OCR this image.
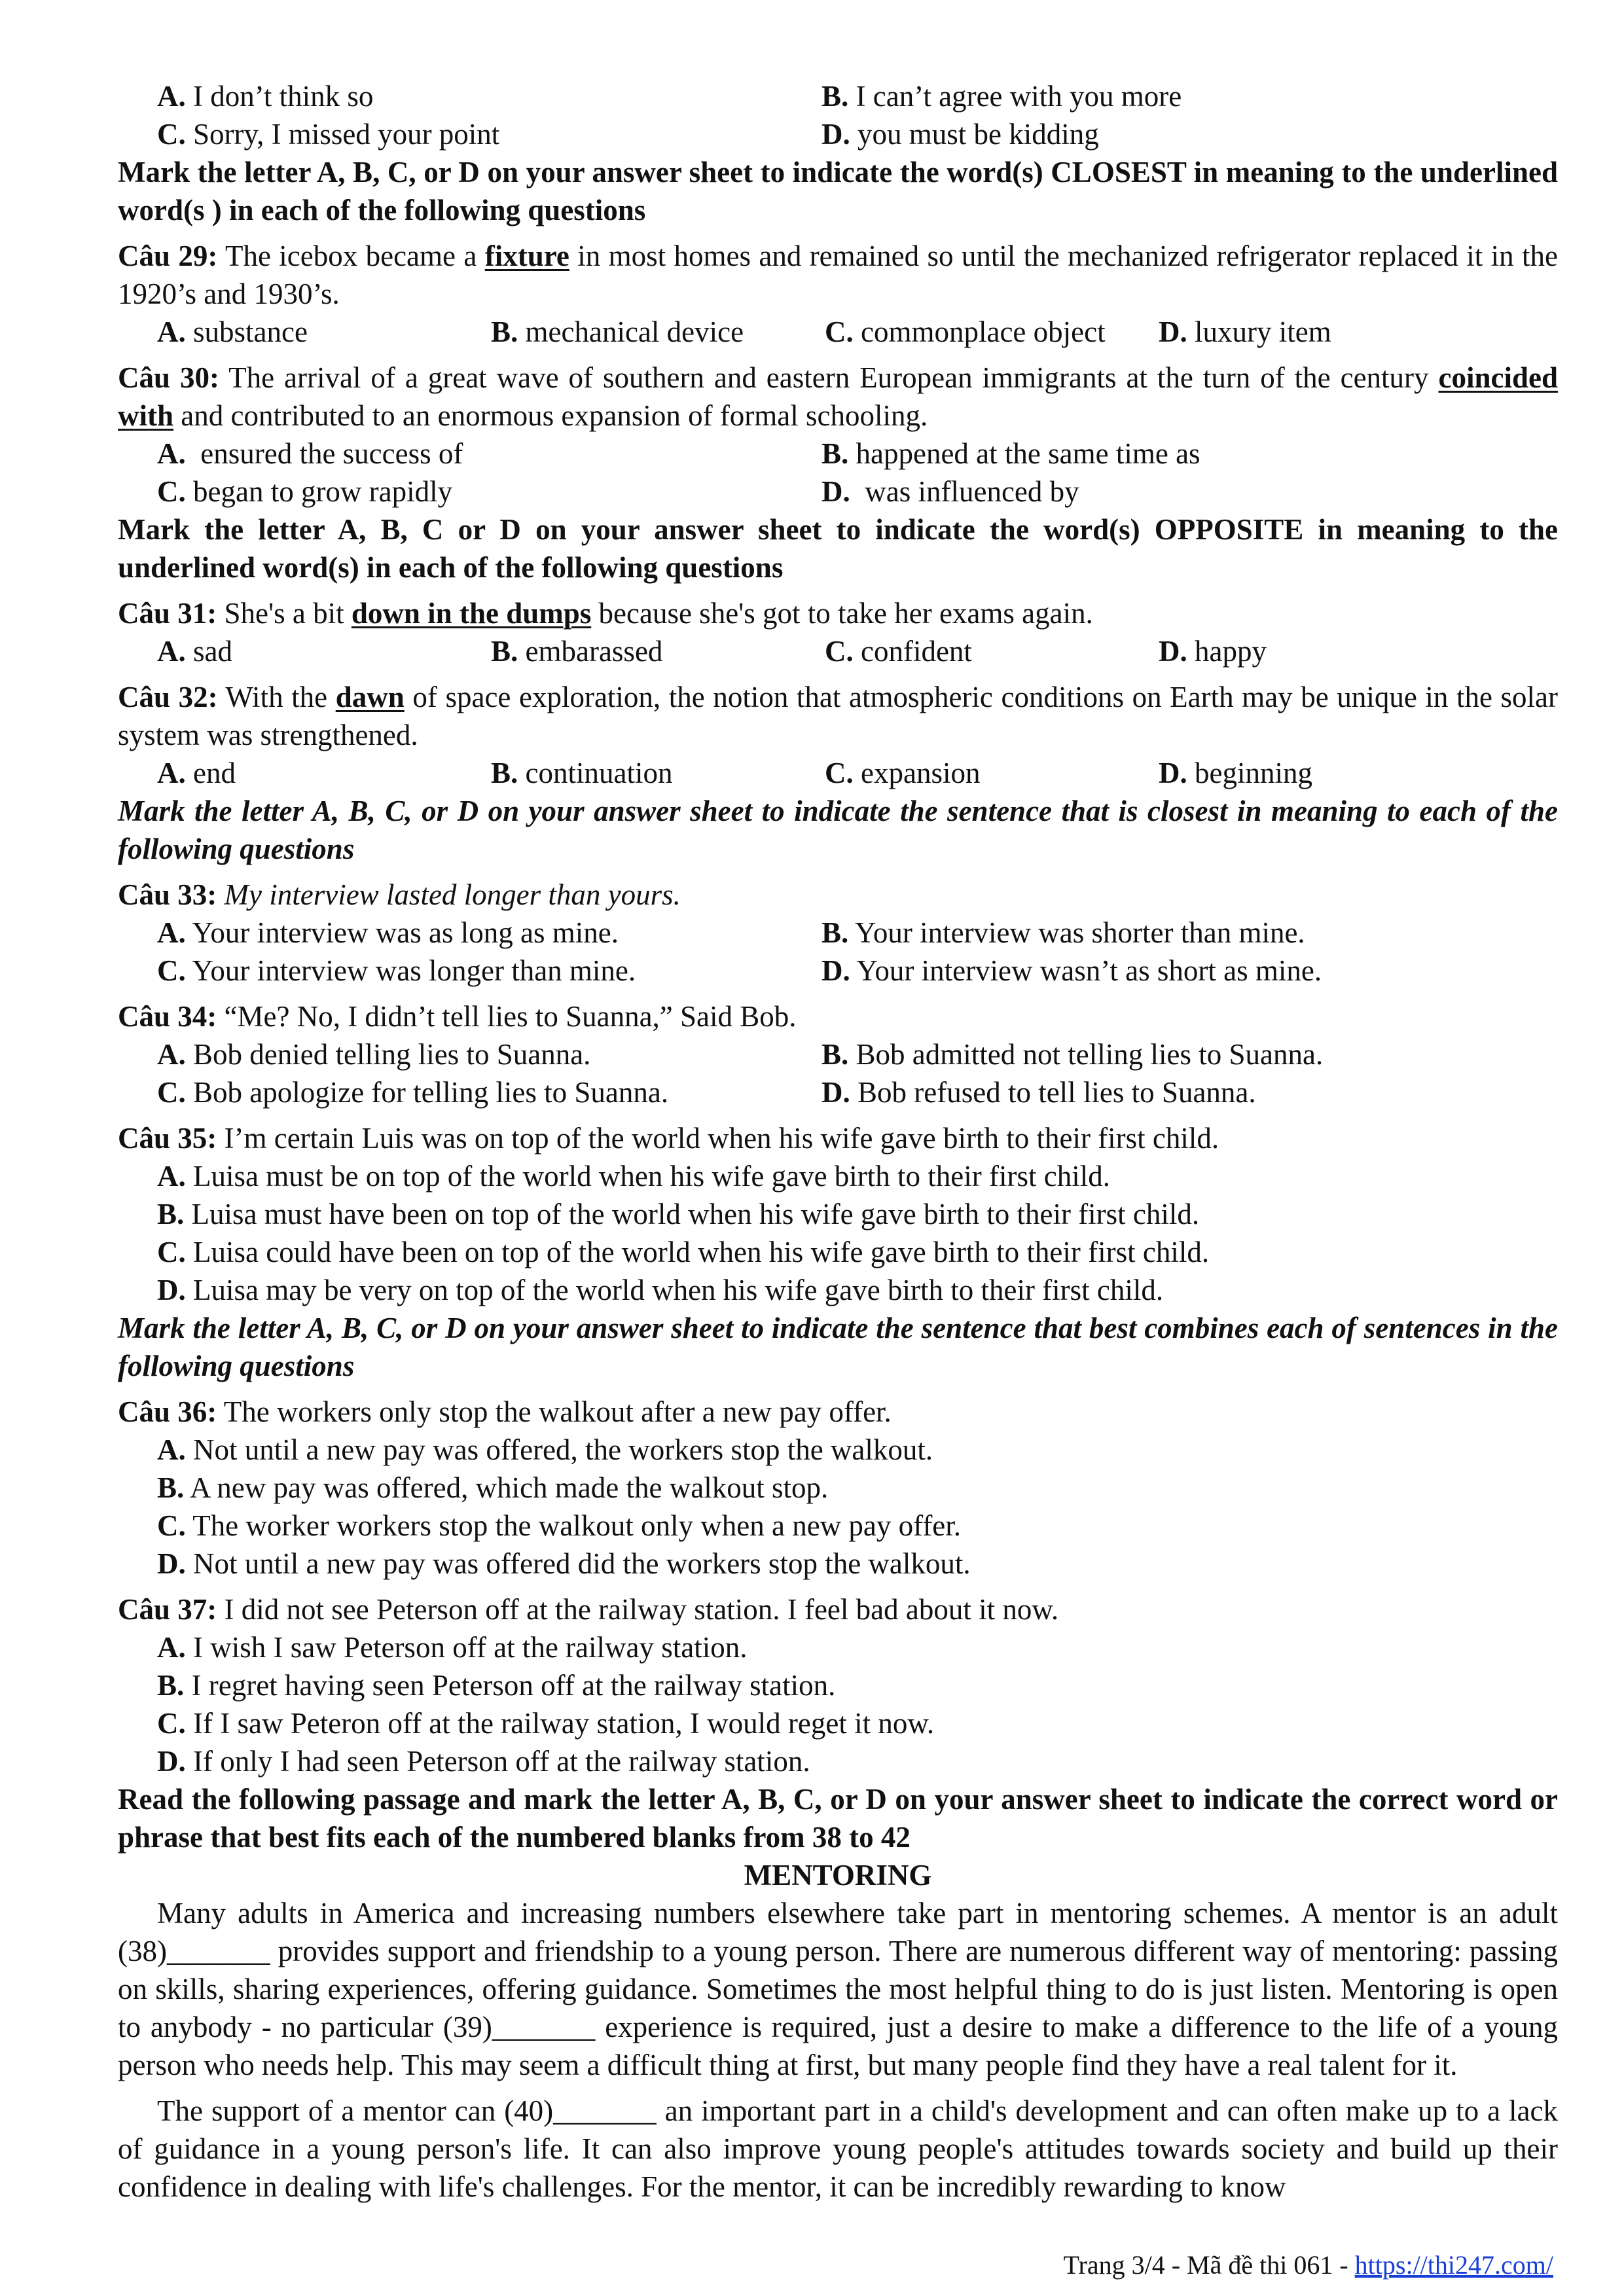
A. I don’t think so	B. I can’t agree with you more
C. Sorry, I missed your point	D. you must be kidding
Mark the letter A, B, C, or D on your answer sheet to indicate the word(s) CLOSEST in meaning to the underlined word(s ) in each of the following questions
Câu 29: The icebox became a fixture in most homes and remained so until the mechanized refrigerator replaced it in the 1920’s and 1930’s.
A. substance	B. mechanical device	C. commonplace object	D. luxury item
Câu 30: The arrival of a great wave of southern and eastern European immigrants at the turn of the century coincided with and contributed to an enormous expansion of formal schooling.
A. ensured the success of	B. happened at the same time as
C. began to grow rapidly	D. was influenced by
Mark the letter A, B, C or D on your answer sheet to indicate the word(s) OPPOSITE in meaning to the underlined word(s) in each of the following questions
Câu 31: She's a bit down in the dumps because she's got to take her exams again.
A. sad	B. embarassed	C. confident	D. happy
Câu 32: With the dawn of space exploration, the notion that atmospheric conditions on Earth may be unique in the solar system was strengthened.
A. end	B. continuation	C. expansion	D. beginning
Mark the letter A, B, C, or D on your answer sheet to indicate the sentence that is closest in meaning to each of the following questions
Câu 33: My interview lasted longer than yours.
A. Your interview was as long as mine.	B. Your interview was shorter than mine.
C. Your interview was longer than mine.	D. Your interview wasn’t as short as mine.
Câu 34: “Me? No, I didn’t tell lies to Suanna,” Said Bob.
A. Bob denied telling lies to Suanna.	B. Bob admitted not telling lies to Suanna.
C. Bob apologize for telling lies to Suanna.	D. Bob refused to tell lies to Suanna.
Câu 35: I’m certain Luis was on top of the world when his wife gave birth to their first child.
A. Luisa must be on top of the world when his wife gave birth to their first child.
B. Luisa must have been on top of the world when his wife gave birth to their first child.
C. Luisa could have been on top of the world when his wife gave birth to their first child.
D. Luisa may be very on top of the world when his wife gave birth to their first child.
Mark the letter A, B, C, or D on your answer sheet to indicate the sentence that best combines each of sentences in the following questions
Câu 36: The workers only stop the walkout after a new pay offer.
A. Not until a new pay was offered, the workers stop the walkout.
B. A new pay was offered, which made the walkout stop.
C. The worker workers stop the walkout only when a new pay offer.
D. Not until a new pay was offered did the workers stop the walkout.
Câu 37: I did not see Peterson off at the railway station. I feel bad about it now.
A. I wish I saw Peterson off at the railway station.
B. I regret having seen Peterson off at the railway station.
C. If I saw Peteron off at the railway station, I would reget it now.
D. If only I had seen Peterson off at the railway station.
Read the following passage and mark the letter A, B, C, or D on your answer sheet to indicate the correct word or phrase that best fits each of the numbered blanks from 38 to 42
MENTORING
Many adults in America and increasing numbers elsewhere take part in mentoring schemes. A mentor is an adult (38)_______ provides support and friendship to a young person. There are numerous different way of mentoring: passing on skills, sharing experiences, offering guidance. Sometimes the most helpful thing to do is just listen. Mentoring is open to anybody - no particular (39)_______ experience is required, just a desire to make a difference to the life of a young person who needs help. This may seem a difficult thing at first, but many people find they have a real talent for it.
The support of a mentor can (40)_______ an important part in a child's development and can often make up to a lack of guidance in a young person's life. It can also improve young people's attitudes towards society and build up their confidence in dealing with life's challenges. For the mentor, it can be incredibly rewarding to know
Trang 3/4 - Mã đề thi 061 - https://thi247.com/
